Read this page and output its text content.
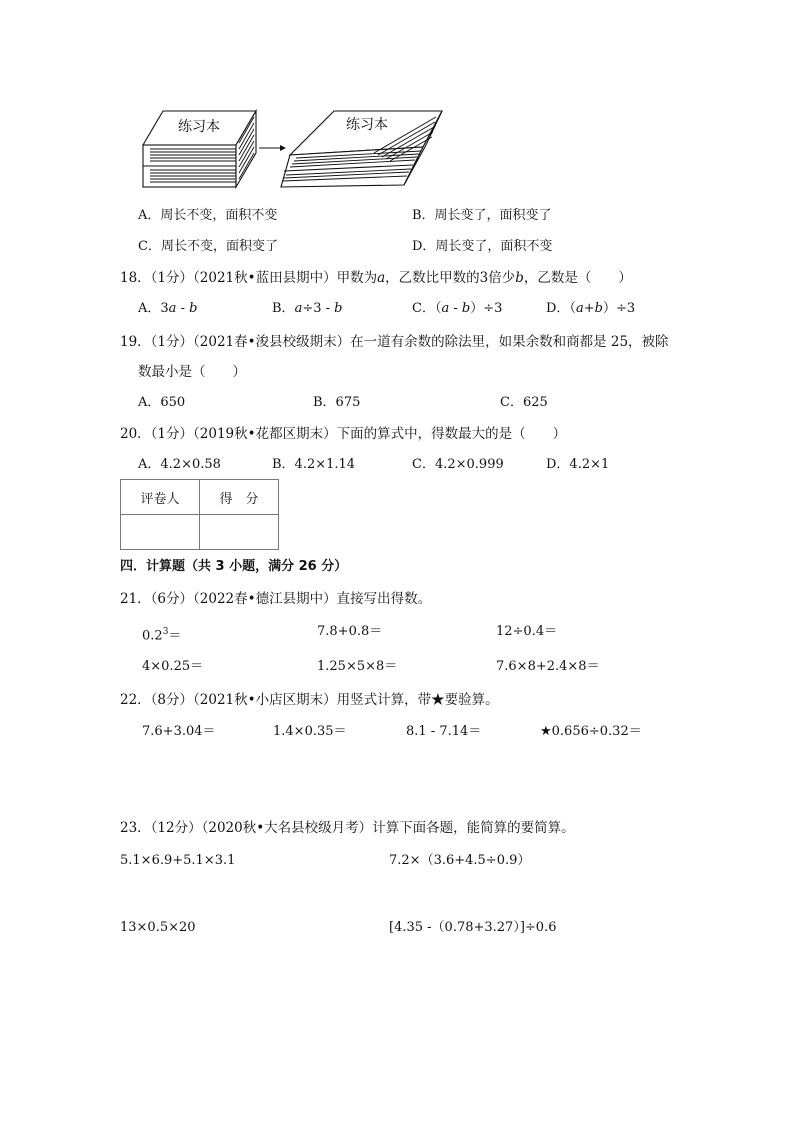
练习本	练习本
A．周长不变，面积不变	B．周长变了，面积变了
C．周长不变，面积变了	D．周长变了，面积不变
18．（1分）（2021秋•蓝田县期中）甲数为a，乙数比甲数的3倍少b，乙数是（　　）
A．3a - b	B．a÷3 - b	C．（a - b）÷3	D．（a+b）÷3
19．（1分）（2021春•浚县校级期末）在一道有余数的除法里，如果余数和商都是 25，被除
数最小是（　　）
A．650	B．675	C．625
20．（1分）（2019秋•花都区期末）下面的算式中，得数最大的是（　　）
A．4.2×0.58	B．4.2×1.14	C．4.2×0.999	D．4.2×1
评卷人	得　分

四．计算题（共 3 小题，满分 26 分）
21．（6分）（2022春•德江县期中）直接写出得数。
$0.2^3=$	7.8+0.8＝	12÷0.4＝
4×0.25＝	1.25×5×8＝	7.6×8+2.4×8＝
22．（8分）（2021秋•小店区期末）用竖式计算，带★要验算。
7.6+3.04＝	1.4×0.35＝	8.1 - 7.14＝	★0.656÷0.32＝
23．（12分）（2020秋•大名县校级月考）计算下面各题，能简算的要简算。
5.1×6.9+5.1×3.1	7.2×（3.6+4.5÷0.9）
13×0.5×20	[4.35 -（0.78+3.27）]÷0.6
